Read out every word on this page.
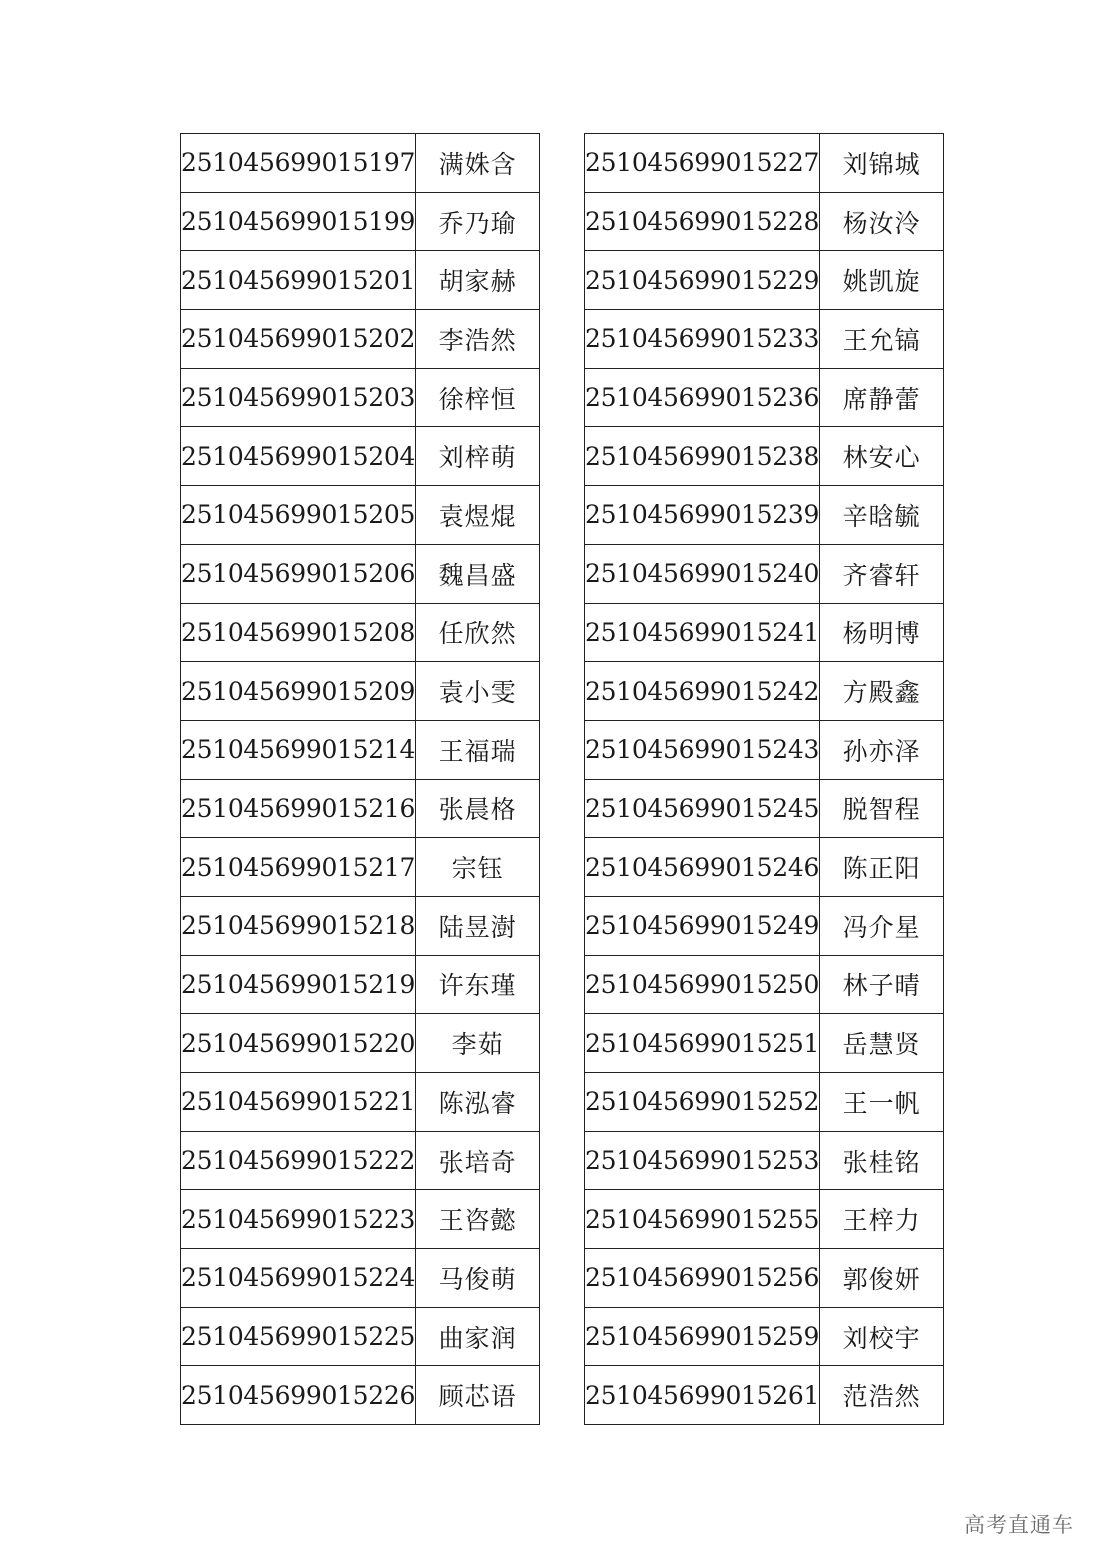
251045699015197	满姝含
251045699015199	乔乃瑜
251045699015201	胡家赫
251045699015202	李浩然
251045699015203	徐梓恒
251045699015204	刘梓萌
251045699015205	袁煜焜
251045699015206	魏昌盛
251045699015208	任欣然
251045699015209	袁小雯
251045699015214	王福瑞
251045699015216	张晨格
251045699015217	宗钰
251045699015218	陆昱澍
251045699015219	许东瑾
251045699015220	李茹
251045699015221	陈泓睿
251045699015222	张培奇
251045699015223	王咨懿
251045699015224	马俊萌
251045699015225	曲家润
251045699015226	顾芯语
251045699015227	刘锦城
251045699015228	杨汝泠
251045699015229	姚凯旋
251045699015233	王允镐
251045699015236	席静蕾
251045699015238	林安心
251045699015239	辛晗毓
251045699015240	齐睿轩
251045699015241	杨明博
251045699015242	方殿鑫
251045699015243	孙亦泽
251045699015245	脱智程
251045699015246	陈正阳
251045699015249	冯介星
251045699015250	林子晴
251045699015251	岳慧贤
251045699015252	王一帆
251045699015253	张桂铭
251045699015255	王梓力
251045699015256	郭俊妍
251045699015259	刘校宇
251045699015261	范浩然
高考直通车
